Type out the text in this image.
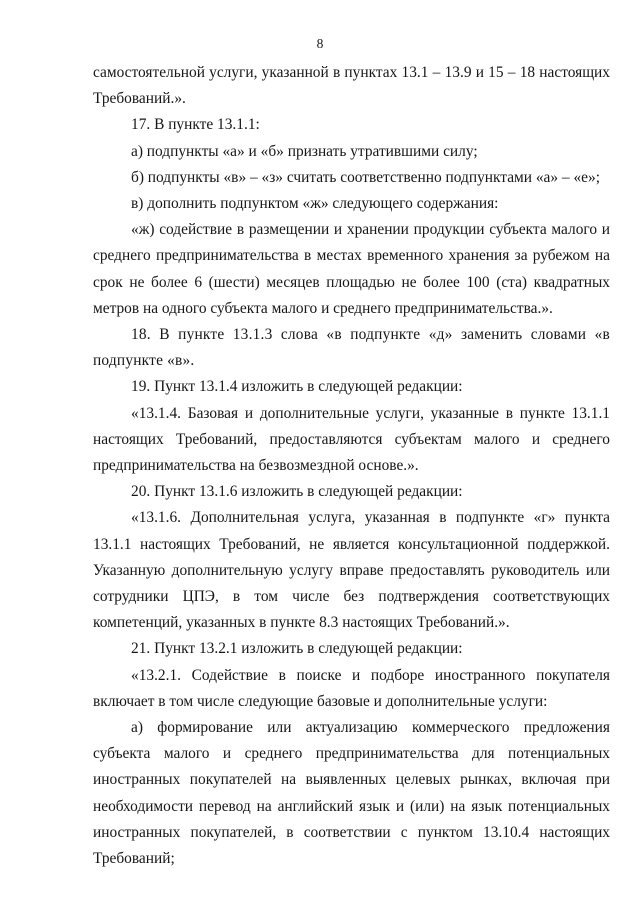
8

самостоятельной услуги, указанной в пунктах 13.1 – 13.9 и 15 – 18 настоящих Требований.».

17. В пункте 13.1.1:

а) подпункты «а» и «б» признать утратившими силу;

б) подпункты «в» – «з» считать соответственно подпунктами «а» – «е»;

в) дополнить подпунктом «ж» следующего содержания:

«ж) содействие в размещении и хранении продукции субъекта малого и среднего предпринимательства в местах временного хранения за рубежом на срок не более 6 (шести) месяцев площадью не более 100 (ста) квадратных метров на одного субъекта малого и среднего предпринимательства.».

18. В пункте 13.1.3 слова «в подпункте «д» заменить словами «в подпункте «в».

19. Пункт 13.1.4 изложить в следующей редакции:

«13.1.4. Базовая и дополнительные услуги, указанные в пункте 13.1.1 настоящих Требований, предоставляются субъектам малого и среднего предпринимательства на безвозмездной основе.».

20. Пункт 13.1.6 изложить в следующей редакции:

«13.1.6. Дополнительная услуга, указанная в подпункте «г» пункта 13.1.1 настоящих Требований, не является консультационной поддержкой. Указанную дополнительную услугу вправе предоставлять руководитель или сотрудники ЦПЭ, в том числе без подтверждения соответствующих компетенций, указанных в пункте 8.3 настоящих Требований.».

21. Пункт 13.2.1 изложить в следующей редакции:

«13.2.1. Содействие в поиске и подборе иностранного покупателя включает в том числе следующие базовые и дополнительные услуги:

а) формирование или актуализацию коммерческого предложения субъекта малого и среднего предпринимательства для потенциальных иностранных покупателей на выявленных целевых рынках, включая при необходимости перевод на английский язык и (или) на язык потенциальных иностранных покупателей, в соответствии с пунктом 13.10.4 настоящих Требований;
